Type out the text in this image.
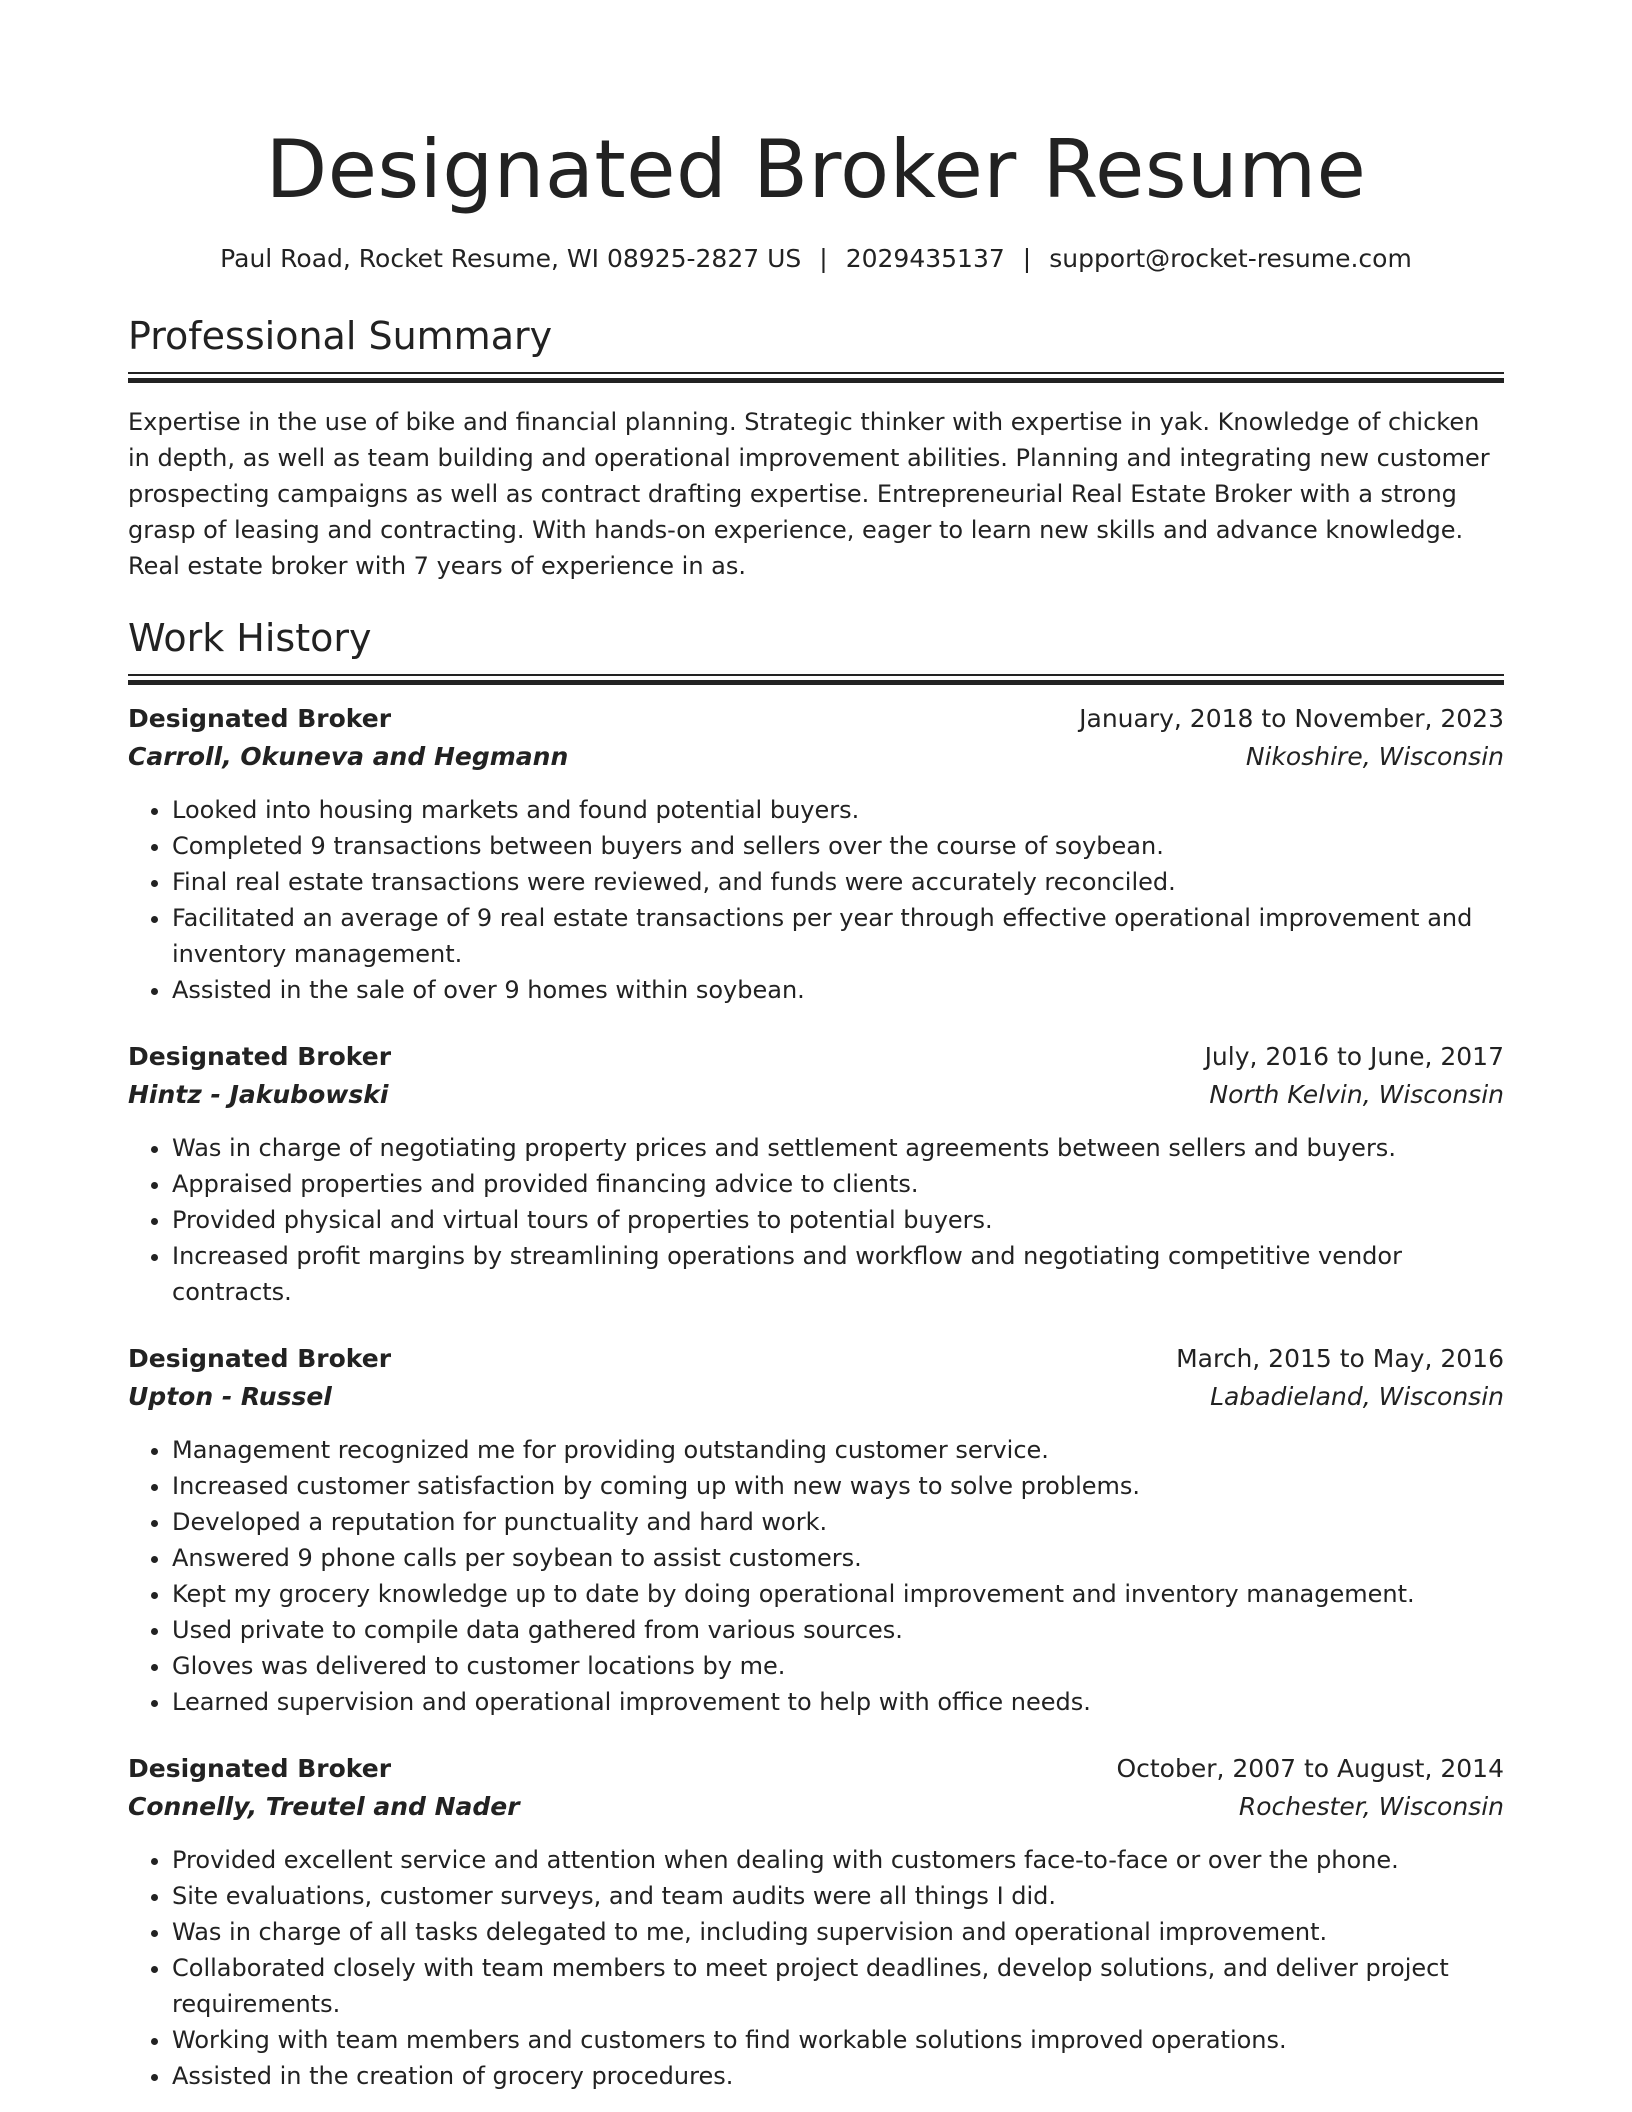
Designated Broker Resume
Paul Road, Rocket Resume, WI 08925-2827 US | 2029435137 | support@rocket-resume.com
Professional Summary

Expertise in the use of bike and financial planning. Strategic thinker with expertise in yak. Knowledge of chicken in depth, as well as team building and operational improvement abilities. Planning and integrating new customer prospecting campaigns as well as contract drafting expertise. Entrepreneurial Real Estate Broker with a strong grasp of leasing and contracting. With hands-on experience, eager to learn new skills and advance knowledge. Real estate broker with 7 years of experience in as.

Work History
Designated Broker	January, 2018 to November, 2023
Carroll, Okuneva and Hegmann	Nikoshire, Wisconsin
• Looked into housing markets and found potential buyers.
• Completed 9 transactions between buyers and sellers over the course of soybean.
• Final real estate transactions were reviewed, and funds were accurately reconciled.
• Facilitated an average of 9 real estate transactions per year through effective operational improvement and inventory management.
• Assisted in the sale of over 9 homes within soybean.
Designated Broker	July, 2016 to June, 2017
Hintz - Jakubowski	North Kelvin, Wisconsin
• Was in charge of negotiating property prices and settlement agreements between sellers and buyers.
• Appraised properties and provided financing advice to clients.
• Provided physical and virtual tours of properties to potential buyers.
• Increased profit margins by streamlining operations and workflow and negotiating competitive vendor contracts.
Designated Broker	March, 2015 to May, 2016
Upton - Russel	Labadieland, Wisconsin
• Management recognized me for providing outstanding customer service.
• Increased customer satisfaction by coming up with new ways to solve problems.
• Developed a reputation for punctuality and hard work.
• Answered 9 phone calls per soybean to assist customers.
• Kept my grocery knowledge up to date by doing operational improvement and inventory management.
• Used private to compile data gathered from various sources.
• Gloves was delivered to customer locations by me.
• Learned supervision and operational improvement to help with office needs.
Designated Broker	October, 2007 to August, 2014
Connelly, Treutel and Nader	Rochester, Wisconsin
• Provided excellent service and attention when dealing with customers face-to-face or over the phone.
• Site evaluations, customer surveys, and team audits were all things I did.
• Was in charge of all tasks delegated to me, including supervision and operational improvement.
• Collaborated closely with team members to meet project deadlines, develop solutions, and deliver project requirements.
• Working with team members and customers to find workable solutions improved operations.
• Assisted in the creation of grocery procedures.
